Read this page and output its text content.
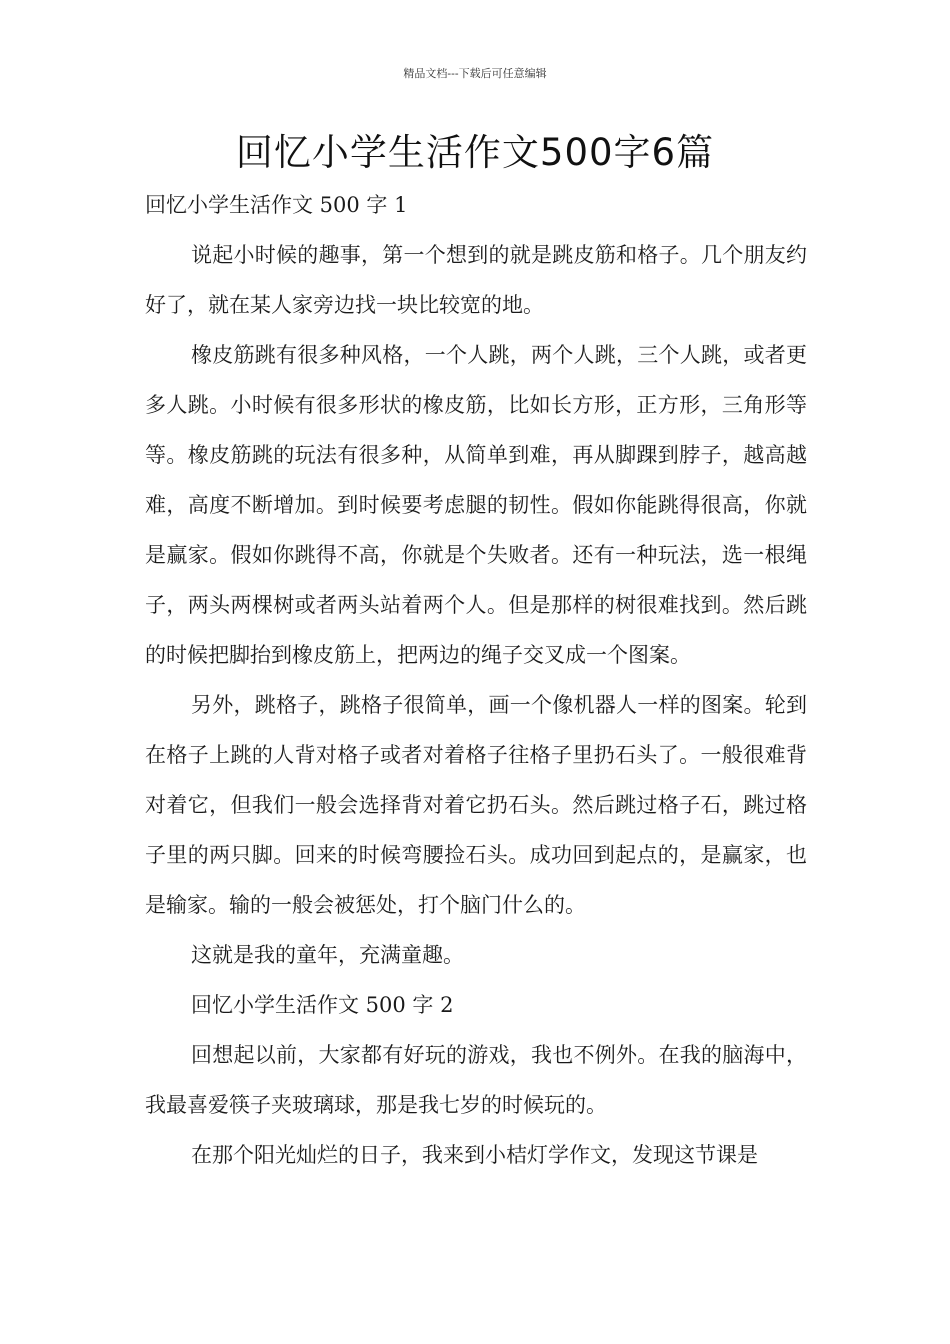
精品文档---下载后可任意编辑
回忆小学生活作文500字6篇

回忆小学生活作文 500 字 1

说起小时候的趣事，第一个想到的就是跳皮筋和格子。几个朋友约好了，就在某人家旁边找一块比较宽的地。

橡皮筋跳有很多种风格，一个人跳，两个人跳，三个人跳，或者更多人跳。小时候有很多形状的橡皮筋，比如长方形，正方形，三角形等等。橡皮筋跳的玩法有很多种，从简单到难，再从脚踝到脖子，越高越难，高度不断增加。到时候要考虑腿的韧性。假如你能跳得很高，你就是赢家。假如你跳得不高，你就是个失败者。还有一种玩法，选一根绳子，两头两棵树或者两头站着两个人。但是那样的树很难找到。然后跳的时候把脚抬到橡皮筋上，把两边的绳子交叉成一个图案。

另外，跳格子，跳格子很简单，画一个像机器人一样的图案。轮到在格子上跳的人背对格子或者对着格子往格子里扔石头了。一般很难背对着它，但我们一般会选择背对着它扔石头。然后跳过格子石，跳过格子里的两只脚。回来的时候弯腰捡石头。成功回到起点的，是赢家，也是输家。输的一般会被惩处，打个脑门什么的。

这就是我的童年，充满童趣。

回忆小学生活作文 500 字 2

回想起以前，大家都有好玩的游戏，我也不例外。在我的脑海中，我最喜爱筷子夹玻璃球，那是我七岁的时候玩的。

在那个阳光灿烂的日子，我来到小桔灯学作文，发现这节课是
